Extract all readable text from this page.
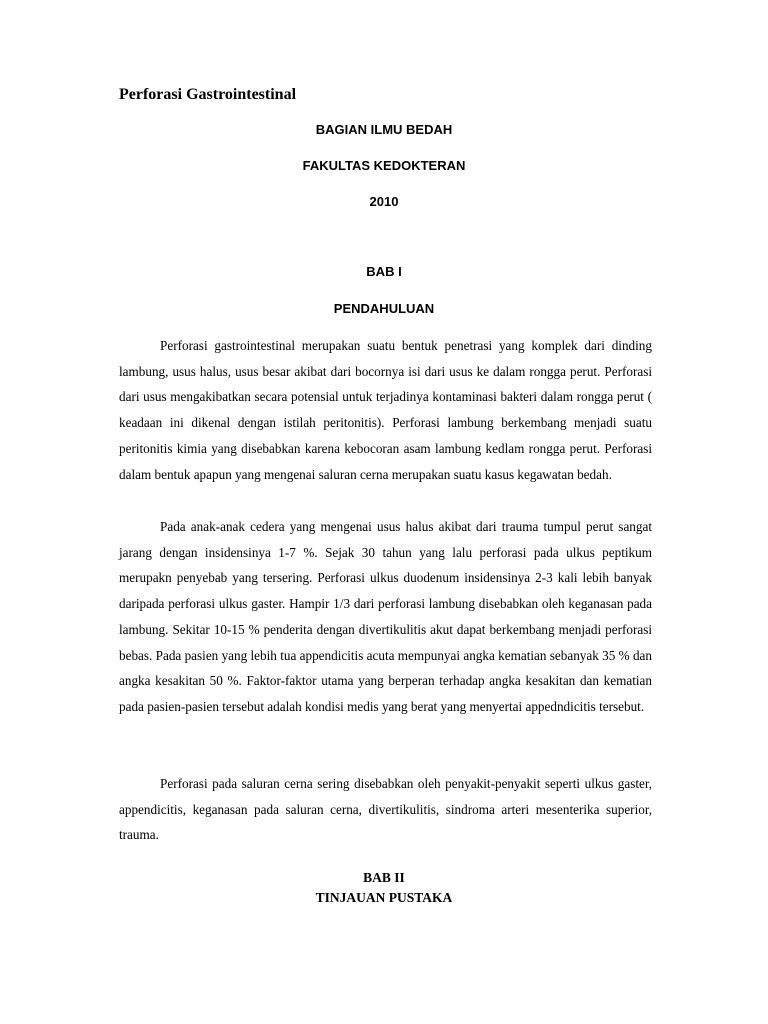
Perforasi Gastrointestinal

BAGIAN ILMU BEDAH

FAKULTAS KEDOKTERAN

2010

BAB I

PENDAHULUAN

Perforasi gastrointestinal merupakan suatu bentuk penetrasi yang komplek dari dinding lambung, usus halus, usus besar akibat dari bocornya isi dari usus ke dalam rongga perut. Perforasi dari usus mengakibatkan secara potensial untuk terjadinya kontaminasi bakteri dalam rongga perut ( keadaan ini dikenal dengan istilah peritonitis). Perforasi lambung berkembang menjadi suatu peritonitis kimia yang disebabkan karena kebocoran asam lambung kedlam rongga perut. Perforasi dalam bentuk apapun yang mengenai saluran cerna merupakan suatu kasus kegawatan bedah.

Pada anak-anak cedera yang mengenai usus halus akibat dari trauma tumpul perut sangat jarang dengan insidensinya 1-7 %. Sejak 30 tahun yang lalu perforasi pada ulkus peptikum merupakn penyebab yang tersering. Perforasi ulkus duodenum insidensinya 2-3 kali lebih banyak daripada perforasi ulkus gaster. Hampir 1/3 dari perforasi lambung disebabkan oleh keganasan pada lambung. Sekitar 10-15 % penderita dengan divertikulitis akut dapat berkembang menjadi perforasi bebas. Pada pasien yang lebih tua appendicitis acuta mempunyai angka kematian sebanyak 35 % dan angka kesakitan 50 %. Faktor-faktor utama yang berperan terhadap angka kesakitan dan kematian pada pasien-pasien tersebut adalah kondisi medis yang berat yang menyertai appedndicitis tersebut.

Perforasi pada saluran cerna sering disebabkan oleh penyakit-penyakit seperti ulkus gaster, appendicitis, keganasan pada saluran cerna, divertikulitis, sindroma arteri mesenterika superior, trauma.

BAB II
TINJAUAN PUSTAKA
